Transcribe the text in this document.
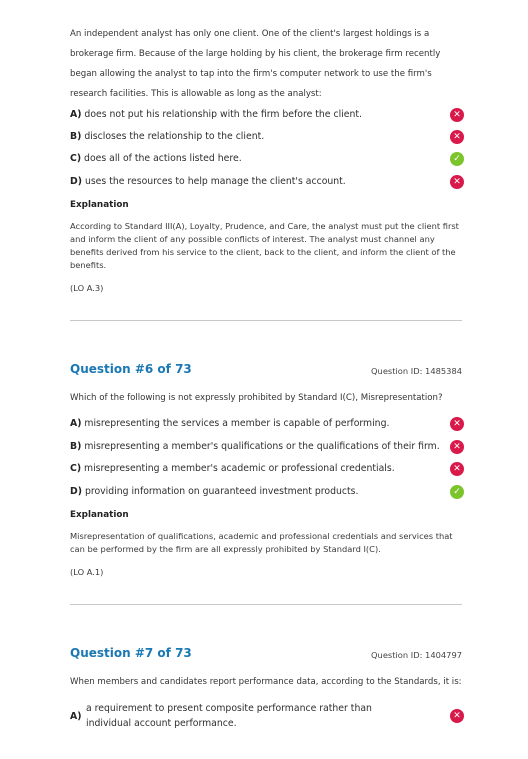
An independent analyst has only one client. One of the client's largest holdings is a brokerage firm. Because of the large holding by his client, the brokerage firm recently began allowing the analyst to tap into the firm's computer network to use the firm's research facilities. This is allowable as long as the analyst:

A) does not put his relationship with the firm before the client.	✕
B) discloses the relationship to the client.	✕
C) does all of the actions listed here.	✓
D) uses the resources to help manage the client's account.	✕
Explanation

According to Standard III(A), Loyalty, Prudence, and Care, the analyst must put the client first and inform the client of any possible conflicts of interest. The analyst must channel any benefits derived from his service to the client, back to the client, and inform the client of the benefits.

(LO A.3)
Question #6 of 73	Question ID: 1485384

Which of the following is not expressly prohibited by Standard I(C), Misrepresentation?

A) misrepresenting the services a member is capable of performing.	✕
B) misrepresenting a member's qualifications or the qualifications of their firm.	✕
C) misrepresenting a member's academic or professional credentials.	✕
D) providing information on guaranteed investment products.	✓
Explanation

Misrepresentation of qualifications, academic and professional credentials and services that can be performed by the firm are all expressly prohibited by Standard I(C).

(LO A.1)
Question #7 of 73	Question ID: 1404797

When members and candidates report performance data, according to the Standards, it is:

A)
a requirement to present composite performance rather than individual account performance.
✕
